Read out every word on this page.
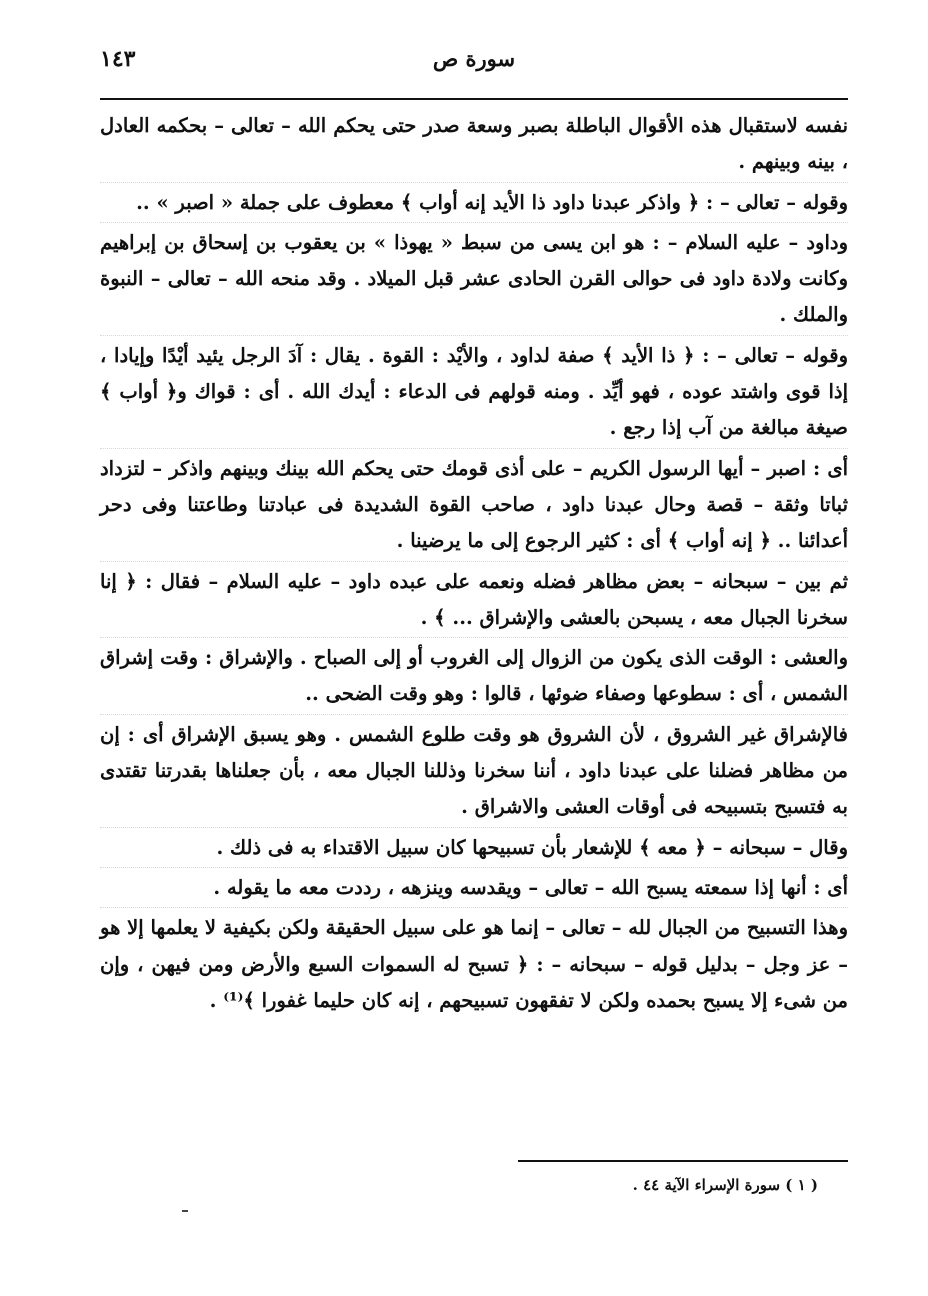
١٤٣	سورة ص

نفسه لاستقبال هذه الأقوال الباطلة بصبر وسعة صدر حتى يحكم الله – تعالى – بحكمه العادل ، بينه وبينهم .

وقوله – تعالى – : ﴿ واذكر عبدنا داود ذا الأيد إنه أواب ﴾ معطوف على جملة « اصبر » ..

وداود – عليه السلام – : هو ابن يسى من سبط « يهوذا » بن يعقوب بن إسحاق بن إبراهيم وكانت ولادة داود فى حوالى القرن الحادى عشر قبل الميلاد . وقد منحه الله – تعالى – النبوة والملك .

وقوله – تعالى – : ﴿ ذا الأيد ﴾ صفة لداود ، والأيْد : القوة . يقال : آدَ الرجل يئيد أيْدًا وإيادا ، إذا قوى واشتد عوده ، فهو أيِّد . ومنه قولهم فى الدعاء : أيدك الله . أى : قواك و﴿ أواب ﴾ صيغة مبالغة من آب إذا رجع .

أى : اصبر – أيها الرسول الكريم – على أذى قومك حتى يحكم الله بينك وبينهم واذكر – لتزداد ثباتا وثقة – قصة وحال عبدنا داود ، صاحب القوة الشديدة فى عبادتنا وطاعتنا وفى دحر أعدائنا .. ﴿ إنه أواب ﴾ أى : كثير الرجوع إلى ما يرضينا .

ثم بين – سبحانه – بعض مظاهر فضله ونعمه على عبده داود – عليه السلام – فقال : ﴿ إنا سخرنا الجبال معه ، يسبحن بالعشى والإشراق ... ﴾ .

والعشى : الوقت الذى يكون من الزوال إلى الغروب أو إلى الصباح . والإشراق : وقت إشراق الشمس ، أى : سطوعها وصفاء ضوئها ، قالوا : وهو وقت الضحى ..

فالإشراق غير الشروق ، لأن الشروق هو وقت طلوع الشمس . وهو يسبق الإشراق أى : إن من مظاهر فضلنا على عبدنا داود ، أننا سخرنا وذللنا الجبال معه ، بأن جعلناها بقدرتنا تقتدى به فتسبح بتسبيحه فى أوقات العشى والاشراق .

وقال – سبحانه – ﴿ معه ﴾ للإشعار بأن تسبيحها كان سبيل الاقتداء به فى ذلك .

أى : أنها إذا سمعته يسبح الله – تعالى – ويقدسه وينزهه ، رددت معه ما يقوله .

وهذا التسبيح من الجبال لله – تعالى – إنما هو على سبيل الحقيقة ولكن بكيفية لا يعلمها إلا هو – عز وجل – بدليل قوله – سبحانه – : ﴿ تسبح له السموات السبع والأرض ومن فيهن ، وإن من شىء إلا يسبح بحمده ولكن لا تفقهون تسبيحهم ، إنه كان حليما غفورا ﴾⁽¹⁾ .

( ١ ) سورة الإسراء الآية ٤٤ .
